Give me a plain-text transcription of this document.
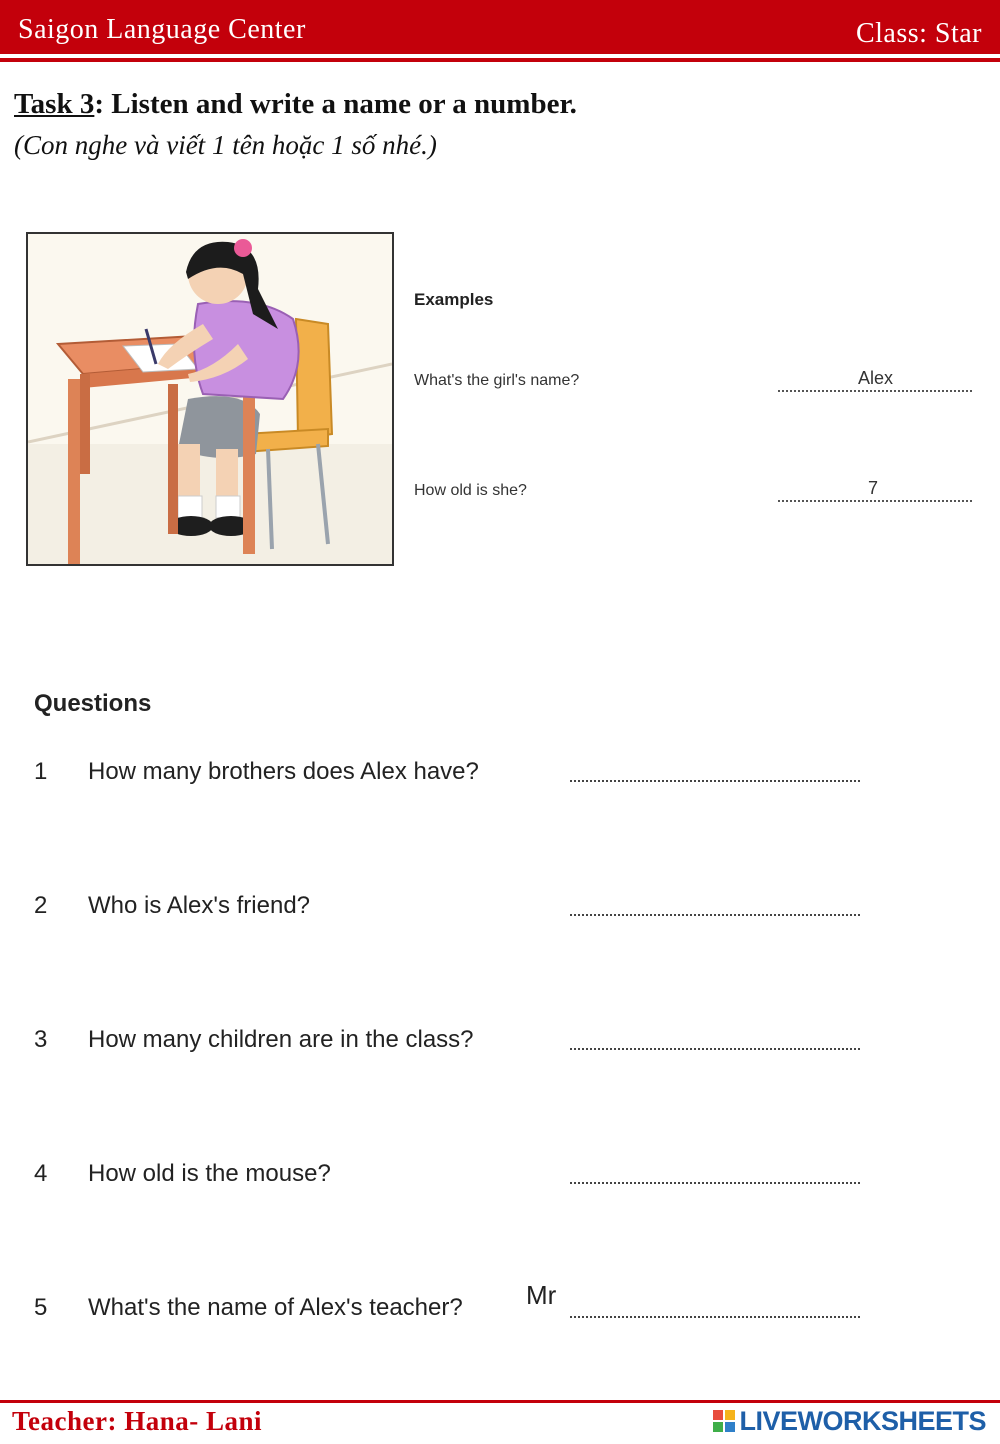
Saigon Language Center	Class: Star
Task 3: Listen and write a name or a number.
(Con nghe và viết 1 tên hoặc 1 số nhé.)
Examples
What's the girl's name?	Alex
How old is she?	7
Questions
1 How many brothers does Alex have?
2 Who is Alex's friend?
3 How many children are in the class?
4 How old is the mouse?
5 What's the name of Alex's teacher? Mr
Teacher: Hana- Lani	LIVEWORKSHEETS
